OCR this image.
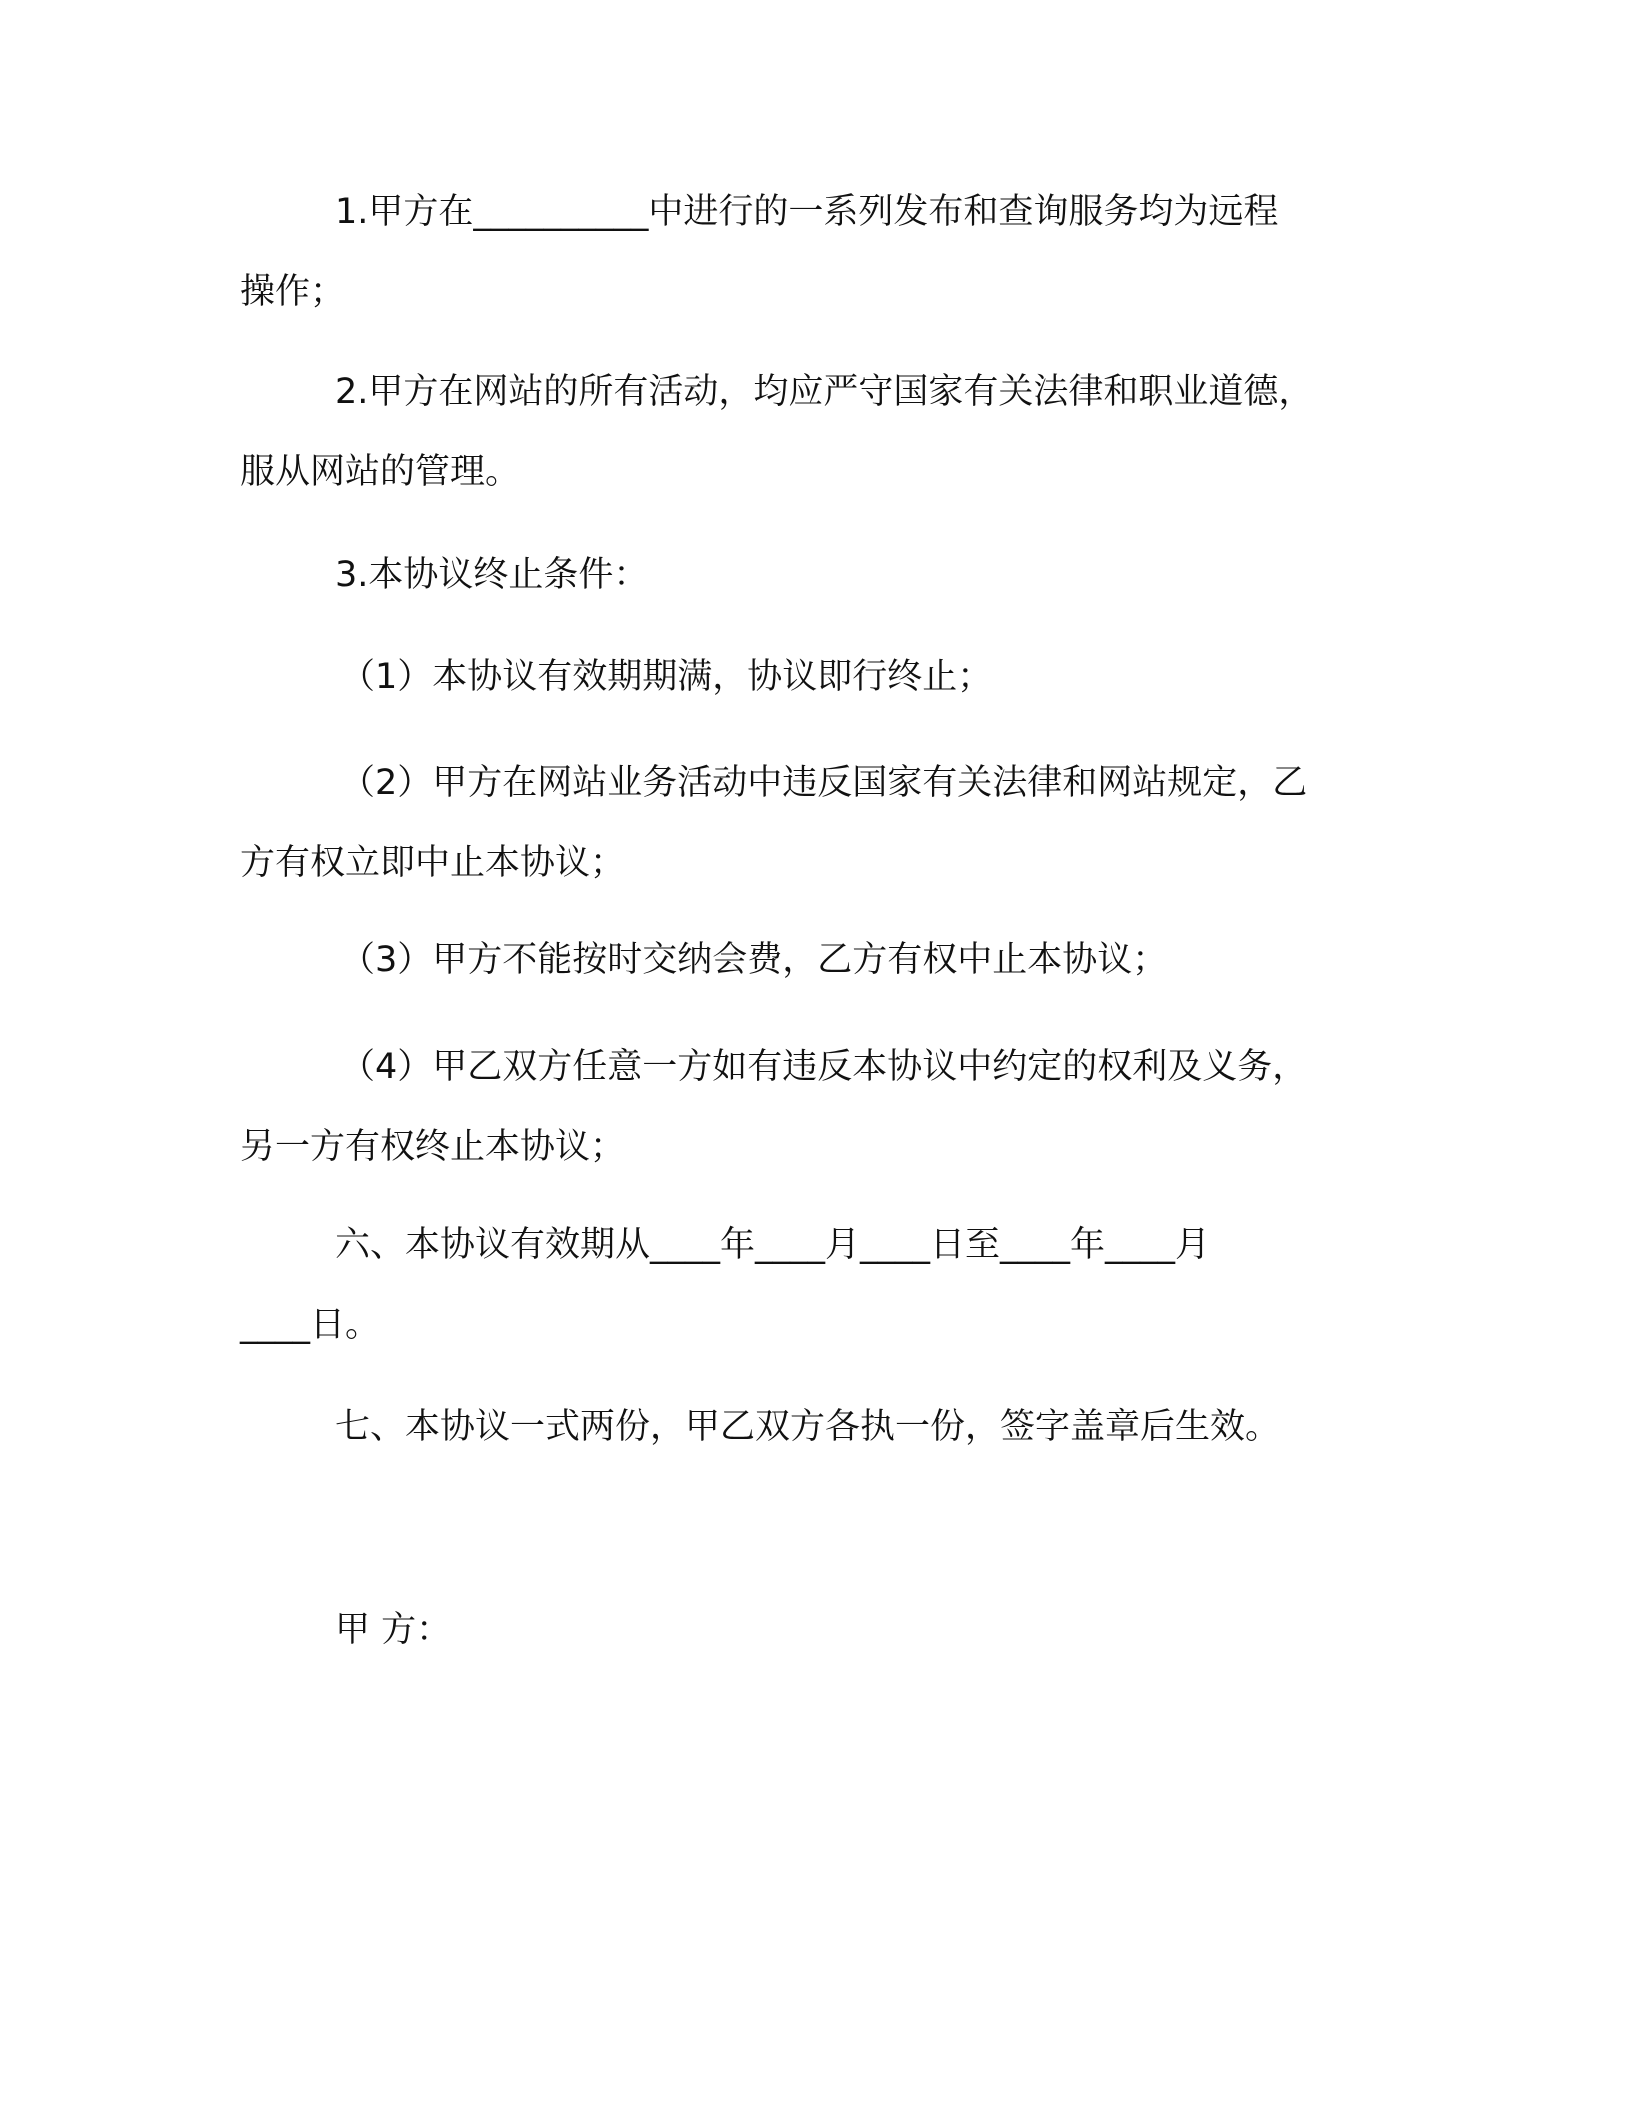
1.甲方在__________中进行的一系列发布和查询服务均为远程
操作；

2.甲方在网站的所有活动，均应严守国家有关法律和职业道德，
服从网站的管理。

3.本协议终止条件：

（1）本协议有效期期满，协议即行终止；

（2）甲方在网站业务活动中违反国家有关法律和网站规定，乙
方有权立即中止本协议；

（3）甲方不能按时交纳会费，乙方有权中止本协议；

（4）甲乙双方任意一方如有违反本协议中约定的权利及义务，
另一方有权终止本协议；

六、本协议有效期从____年____月____日至____年____月
____日。

七、本协议一式两份，甲乙双方各执一份，签字盖章后生效。

甲 方：
